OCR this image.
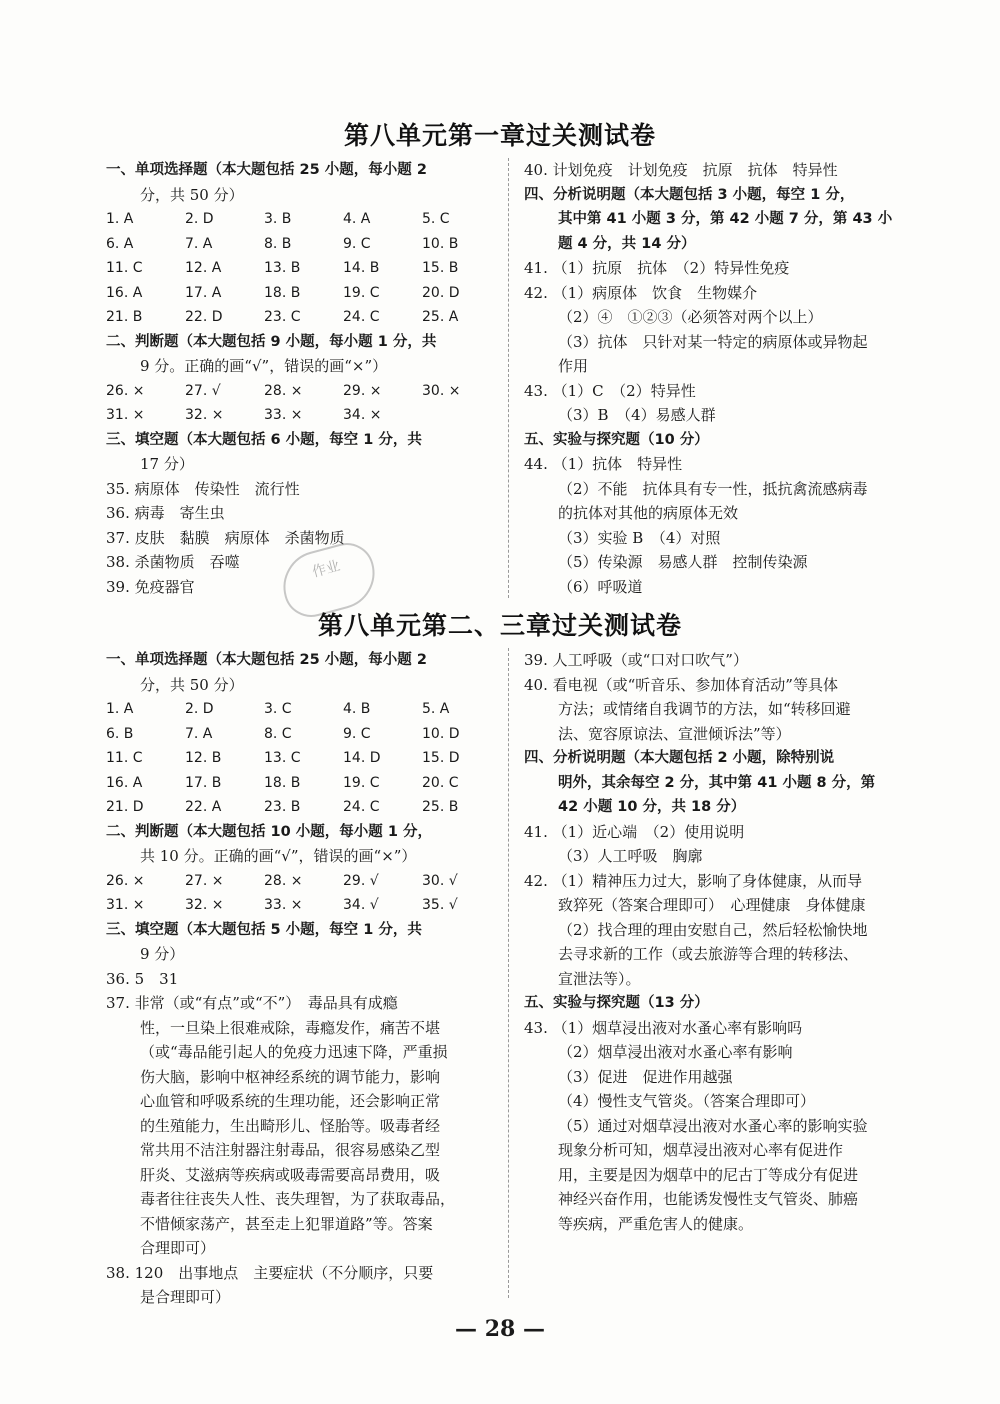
第八单元第一章过关测试卷
一、单项选择题（本大题包括 25 小题，每小题 2
分，共 50 分）
1. A	2. D	3. B	4. A	5. C
6. A	7. A	8. B	9. C	10. B
11. C	12. A	13. B	14. B	15. B
16. A	17. A	18. B	19. C	20. D
21. B	22. D	23. C	24. C	25. A
二、判断题（本大题包括 9 小题，每小题 1 分，共
9 分。正确的画“√”，错误的画“×”）
26. ×	27. √	28. ×	29. ×	30. ×
31. ×	32. ×	33. ×	34. ×
三、填空题（本大题包括 6 小题，每空 1 分，共
17 分）
35. 病原体　传染性　流行性
36. 病毒　寄生虫
37. 皮肤　黏膜　病原体　杀菌物质
38. 杀菌物质　吞噬
39. 免疫器官
40. 计划免疫　计划免疫　抗原　抗体　特异性
四、分析说明题（本大题包括 3 小题，每空 1 分，
其中第 41 小题 3 分，第 42 小题 7 分，第 43 小
题 4 分，共 14 分）
41. （1）抗原　抗体　（2）特异性免疫
42. （1）病原体　饮食　生物媒介
（2）④　①②③（必须答对两个以上）
（3）抗体　只针对某一特定的病原体或异物起
作用
43. （1）C　（2）特异性
（3）B　（4）易感人群
五、实验与探究题（10 分）
44. （1）抗体　特异性
（2）不能　抗体具有专一性，抵抗禽流感病毒
的抗体对其他的病原体无效
（3）实验 B　（4）对照
（5）传染源　易感人群　控制传染源
（6）呼吸道
作业
第八单元第二、三章过关测试卷
一、单项选择题（本大题包括 25 小题，每小题 2
分，共 50 分）
1. A	2. D	3. C	4. B	5. A
6. B	7. A	8. C	9. C	10. D
11. C	12. B	13. C	14. D	15. D
16. A	17. B	18. B	19. C	20. C
21. D	22. A	23. B	24. C	25. B
二、判断题（本大题包括 10 小题，每小题 1 分，
共 10 分。正确的画“√”，错误的画“×”）
26. ×	27. ×	28. ×	29. √	30. √
31. ×	32. ×	33. ×	34. √	35. √
三、填空题（本大题包括 5 小题，每空 1 分，共
9 分）
36. 5　31
37. 非常（或“有点”或“不”）　毒品具有成瘾
性，一旦染上很难戒除，毒瘾发作，痛苦不堪
（或“毒品能引起人的免疫力迅速下降，严重损
伤大脑，影响中枢神经系统的调节能力，影响
心血管和呼吸系统的生理功能，还会影响正常
的生殖能力，生出畸形儿、怪胎等。吸毒者经
常共用不洁注射器注射毒品，很容易感染乙型
肝炎、艾滋病等疾病或吸毒需要高昂费用，吸
毒者往往丧失人性、丧失理智，为了获取毒品，
不惜倾家荡产，甚至走上犯罪道路”等。答案
合理即可）
38. 120　出事地点　主要症状（不分顺序，只要
是合理即可）
39. 人工呼吸（或“口对口吹气”）
40. 看电视（或“听音乐、参加体育活动”等具体
方法；或情绪自我调节的方法，如“转移回避
法、宽容原谅法、宣泄倾诉法”等）
四、分析说明题（本大题包括 2 小题，除特别说
明外，其余每空 2 分，其中第 41 小题 8 分，第
42 小题 10 分，共 18 分）
41. （1）近心端　（2）使用说明
（3）人工呼吸　胸廓
42. （1）精神压力过大，影响了身体健康，从而导
致猝死（答案合理即可）　心理健康　身体健康
（2）找合理的理由安慰自己，然后轻松愉快地
去寻求新的工作（或去旅游等合理的转移法、
宣泄法等）。
五、实验与探究题（13 分）
43. （1）烟草浸出液对水蚤心率有影响吗
（2）烟草浸出液对水蚤心率有影响
（3）促进　促进作用越强
（4）慢性支气管炎。（答案合理即可）
（5）通过对烟草浸出液对水蚤心率的影响实验
现象分析可知，烟草浸出液对心率有促进作
用，主要是因为烟草中的尼古丁等成分有促进
神经兴奋作用，也能诱发慢性支气管炎、肺癌
等疾病，严重危害人的健康。
— 28 —
